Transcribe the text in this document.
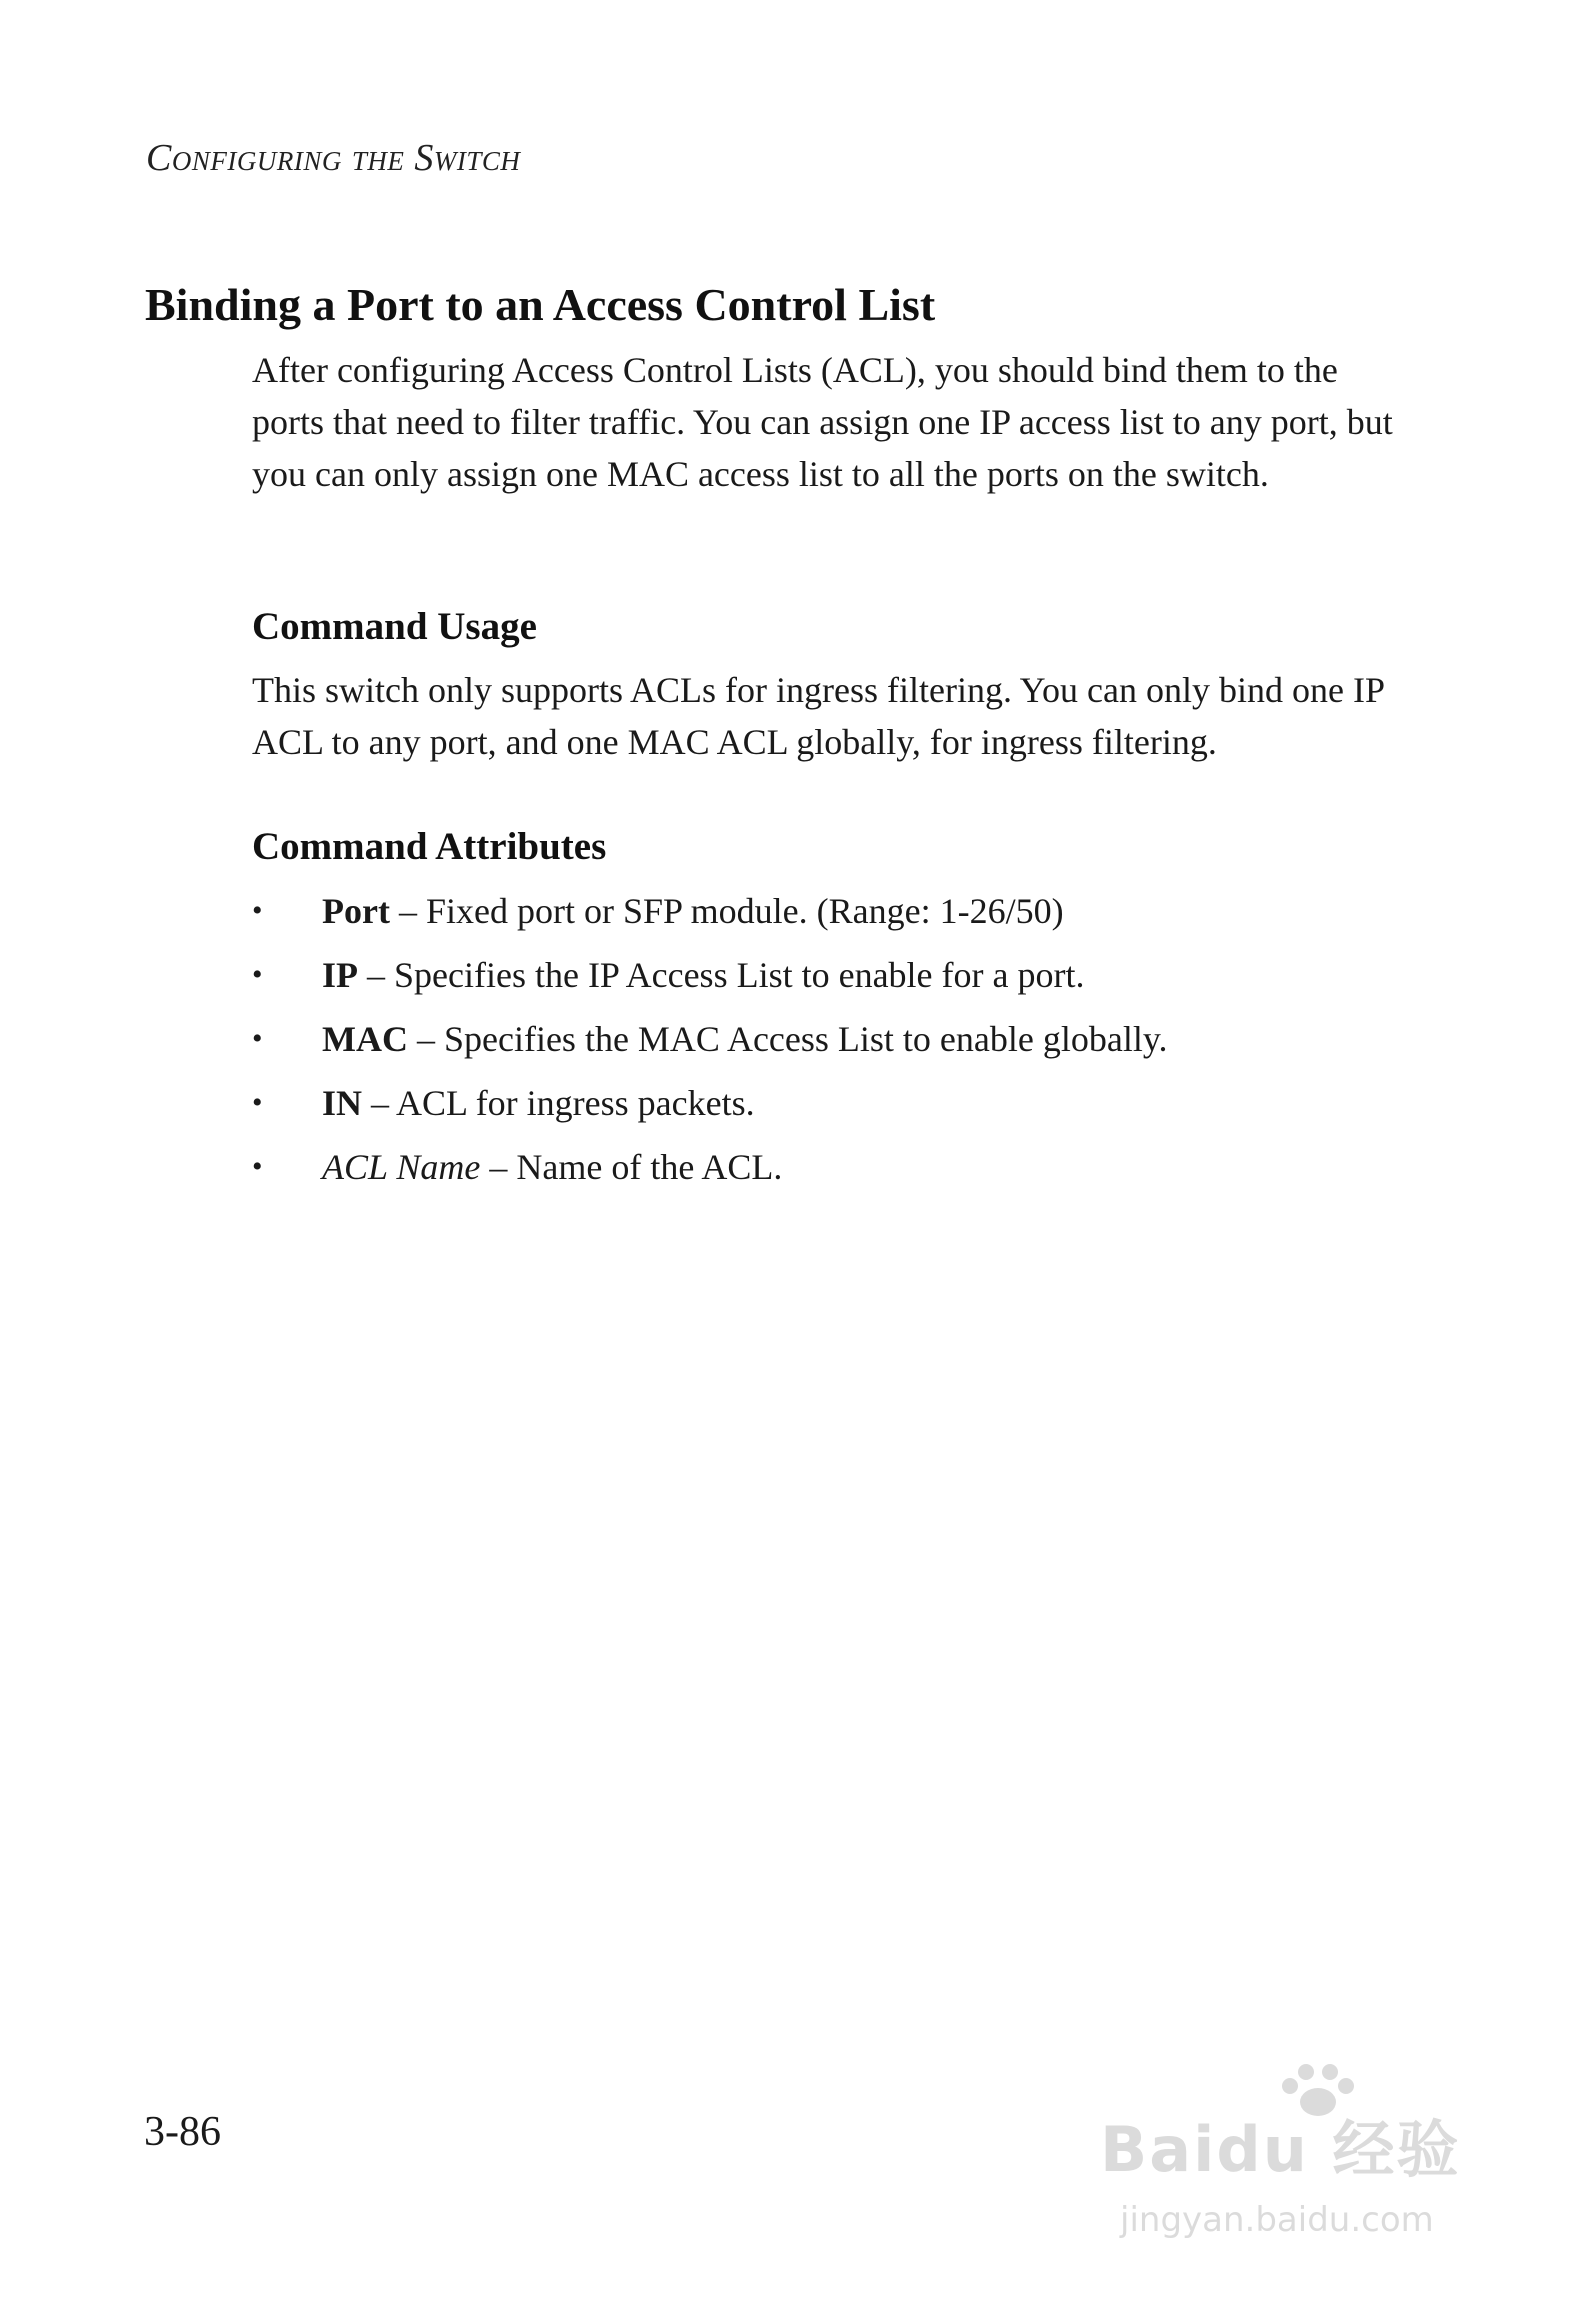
Configuring the Switch
Binding a Port to an Access Control List

After configuring Access Control Lists (ACL), you should bind them to the ports that need to filter traffic. You can assign one IP access list to any port, but you can only assign one MAC access list to all the ports on the switch.

Command Usage

This switch only supports ACLs for ingress filtering. You can only bind one IP ACL to any port, and one MAC ACL globally, for ingress filtering.

Command Attributes
• Port – Fixed port or SFP module. (Range: 1-26/50)
• IP – Specifies the IP Access List to enable for a port.
• MAC – Specifies the MAC Access List to enable globally.
• IN – ACL for ingress packets.
• ACL Name – Name of the ACL.
3-86	Baidu 经验
jingyan.baidu.com
